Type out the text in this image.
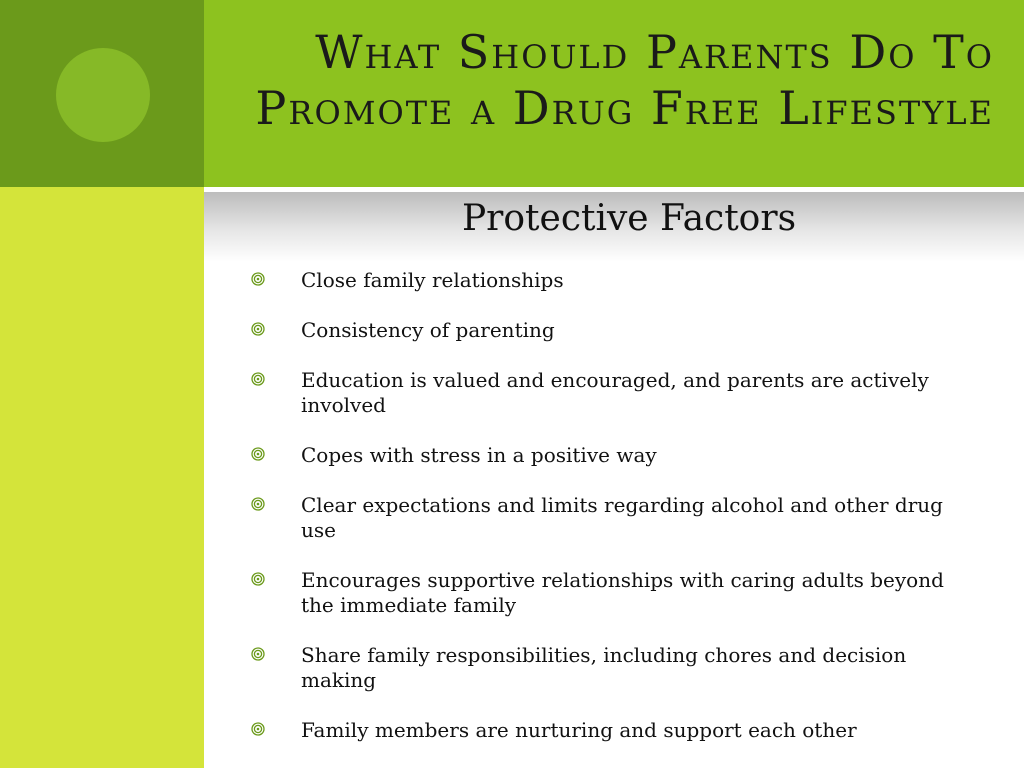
What Should Parents Do To
Promote a Drug Free Lifestyle
Protective Factors
Close family relationships
Consistency of parenting
Education is valued and encouraged, and parents are actively involved
Copes with stress in a positive way
Clear expectations and limits regarding alcohol and other drug use
Encourages supportive relationships with caring adults beyond the immediate family
Share family responsibilities, including chores and decision making
Family members are nurturing and support each other
